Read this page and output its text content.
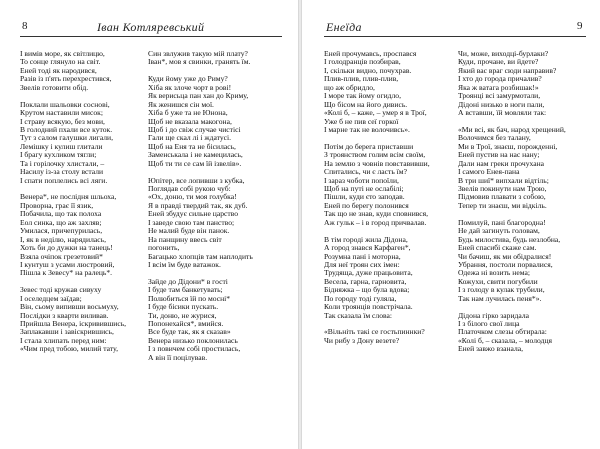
8	Іван Котляревський
І вимів море, як світлицю,
То сонце глянуло на світ.
Еней тоді як народився,
Разів із п'ять перехрестився,
Звелів готовити обід.
Поклали шальовки соснові,
Крутом наставили мисок;
І страву всякую, без мови,
В голодний пхали все куток.
Тут з салом галушки лигали,
Лемішку і кулиш глитали
І брагу кухликом тягли;
Та і горілочку хлистали, –
Насилу із-за столу встали
І спати поплелись всі ляги.
Венера*, не послідня шльоха,
Проворна, грає її язик,
Побачила, що так полоха
Еол синка, що аж захляв;
Умилася, причепурилась,
І, як в неділю, нарядилась,
Хоть би до дужки на танець!
Взяла очіпок грезетовий*
І кунтуш з усами люстровий,
Пішла к Зевесу* на ралець*.
Зевес тоді кружав сивуху
І оселедцем заїдав;
Він, сьому випивши восьмуху,
Послідки з кварти виливав.
Прийшла Венера, іскривившись,
Заплакавши і завіскрившись,
І стала хлипать перед ним:
«Чим пред тобою, милий тату,
Син звлужив такую мій плату?
Іван*, мов я свинки, гранять їм.
Куди йому уже до Риму?
Хіба як злоче чорт в рові!
Як верисьца пан хан до Криму,
Як женишся сін мої.
Хіба б уже та не Юнона,
Щоб не вказала макогона,
Щоб і до свіж случае чистісі
Гали ще скал лі і ждатусі.
Щоб на Еня та не бісилась,
Заменськала і не камецилась,
Щоб ти ти се сам їй ізвелів».
Юпітер, все лопивши з кубка,
Поглядав собі рукою чуб:
«Ох, доню, ти моя голубка!
Я в правді твердий так, як дуб.
Еней збудує сильне царство
І заведе свою там панство;
Не малий буде він панок.
На панщину ввесь світ
погонить,
Багацько хлопців там наплодить
І всім їм буде ватажок.
Зайде до Дідони* в гості
І буде там банкетувать;
Полюбиться їй по мосні*
І буде бісики пускать.
Ти, доню, не журися,
Попонехайся*, вмийся.
Все буде так, як я сказав»
Венера низько поклонилась
І з повичем собі простилась,
А він її поцілував.
Енеїда	9
Еней прочумавсь, проспався
І голодранців позбирав,
І, скільки видно, почухрав.
Плив-плив, плив-плив,
що аж обридло,
І море так йому огидло,
Що бісом на його дивись.
«Колі б, – каже, – умер я в Трої,
Уже б не пив сеї горкої
І марне так не волочивсь».
Потім до берега приставши
З троянством голим всім своїм,
На землю з човнів повставивши,
Спитались, чи є ласть їм?
І зараз чоботи попоїли,
Щоб на путі не ослабілі;
Пішли, куди єто заподав.
Еней по берегу полонився
Так що не знав, куди сповнився,
Аж гульк – і в город причвалав.
В тім городі жила Дідона,
А город знався Карфаген*,
Розумна пані і моторна,
Для неї троян сих імен:
Трудяща, дуже працьовита,
Весела, гарна, гарновита,
Бідняжка – що була вдова;
По городу тоді гуляла,
Коли троянців повстрічала.
Так сказала їм слова:
«Вільніть такі се гостьпиннки?
Чи рибу з Дону везете?
Чи, може, виходці-бурлаки?
Куди, прочане, ви йдете?
Який вас враг сюди направив?
І хто до города причалив?
Яка ж ватага розбишак!»
Троянці всі замурмотали,
Дідоні низько в ноги пали,
А вставши, їй мовляли так:
«Ми всі, як бач, народ хрещений,
Волочимся без талану,
Ми в Трої, знаєш, порожденні,
Еней пустив на нас нану;
Дали нам греки прочухана
І самого Енея-пана
В три шиї* випхали відтіль;
Звелів покинути нам Трою,
Підмовив плавати з собою,
Тепер ти знаєш, ми відкіль.
Помилуй, пані благородна!
Не дай загинуть головам,
Будь милостива, будь незлобна,
Еней спасибі скаже сам.
Чи бачиш, як ми обідралися!
Убрання, постоли порвалися,
Одежа ні возить нема;
Кожухи, свити погубили
І з голоду в кулак трубили,
Так нам лучилась пеня*».
Дідона гірко заридала
І з білого свої лица
Платочком слезы обтирала:
«Колі б, – сказала, – молодця
Еней завжо взанала,
